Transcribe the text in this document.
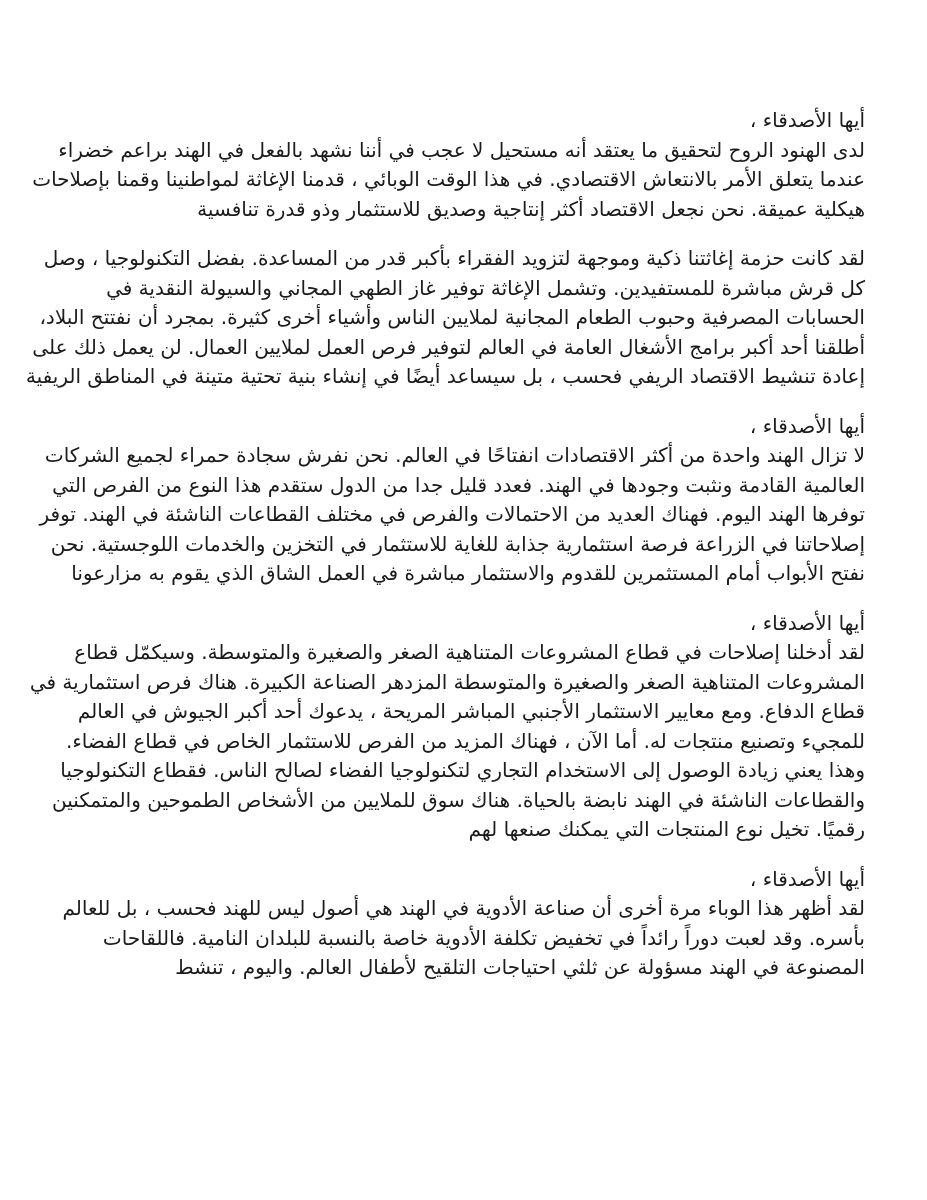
أيها الأصدقاء ،
لدى الهنود الروح لتحقيق ما يعتقد أنه مستحيل لا عجب في أننا نشهد بالفعل في الهند براعم خضراء عندما يتعلق الأمر بالانتعاش الاقتصادي. في هذا الوقت الوبائي ، قدمنا الإغاثة لمواطنينا وقمنا بإصلاحات هيكلية عميقة. نحن نجعل الاقتصاد أكثر إنتاجية وصديق للاستثمار وذو قدرة تنافسية
لقد كانت حزمة إغاثتنا ذكية وموجهة لتزويد الفقراء بأكبر قدر من المساعدة. بفضل التكنولوجيا ، وصل كل قرش مباشرة للمستفيدين. وتشمل الإغاثة توفير غاز الطهي المجاني والسيولة النقدية في الحسابات المصرفية وحبوب الطعام المجانية لملايين الناس وأشياء أخرى كثيرة. بمجرد أن نفتتح البلاد، أطلقنا أحد أكبر برامج الأشغال العامة في العالم لتوفير فرص العمل لملايين العمال. لن يعمل ذلك على إعادة تنشيط الاقتصاد الريفي فحسب ، بل سيساعد أيضًا في إنشاء بنية تحتية متينة في المناطق الريفية
أيها الأصدقاء ،
لا تزال الهند واحدة من أكثر الاقتصادات انفتاحًا في العالم. نحن نفرش سجادة حمراء لجميع الشركات العالمية القادمة ونثبت وجودها في الهند. فعدد قليل جدا من الدول ستقدم هذا النوع من الفرص التي توفرها الهند اليوم. فهناك العديد من الاحتمالات والفرص في مختلف القطاعات الناشئة في الهند. توفر إصلاحاتنا في الزراعة فرصة استثمارية جذابة للغاية للاستثمار في التخزين والخدمات اللوجستية. نحن نفتح الأبواب أمام المستثمرين للقدوم والاستثمار مباشرة في العمل الشاق الذي يقوم به مزارعونا
أيها الأصدقاء ،
لقد أدخلنا إصلاحات في قطاع المشروعات المتناهية الصغر والصغيرة والمتوسطة. وسيكمّل قطاع المشروعات المتناهية الصغر والصغيرة والمتوسطة المزدهر الصناعة الكبيرة. هناك فرص استثمارية في قطاع الدفاع. ومع معايير الاستثمار الأجنبي المباشر المريحة ، يدعوك أحد أكبر الجيوش في العالم للمجيء وتصنيع منتجات له. أما الآن ، فهناك المزيد من الفرص للاستثمار الخاص في قطاع الفضاء. وهذا يعني زيادة الوصول إلى الاستخدام التجاري لتكنولوجيا الفضاء لصالح الناس. فقطاع التكنولوجيا والقطاعات الناشئة في الهند نابضة بالحياة. هناك سوق للملايين من الأشخاص الطموحين والمتمكنين رقميًا. تخيل نوع المنتجات التي يمكنك صنعها لهم
أيها الأصدقاء ،
لقد أظهر هذا الوباء مرة أخرى أن صناعة الأدوية في الهند هي أصول ليس للهند فحسب ، بل للعالم بأسره. وقد لعبت دوراً رائداً في تخفيض تكلفة الأدوية خاصة بالنسبة للبلدان النامية. فاللقاحات المصنوعة في الهند مسؤولة عن ثلثي احتياجات التلقيح لأطفال العالم. واليوم ، تنشط
